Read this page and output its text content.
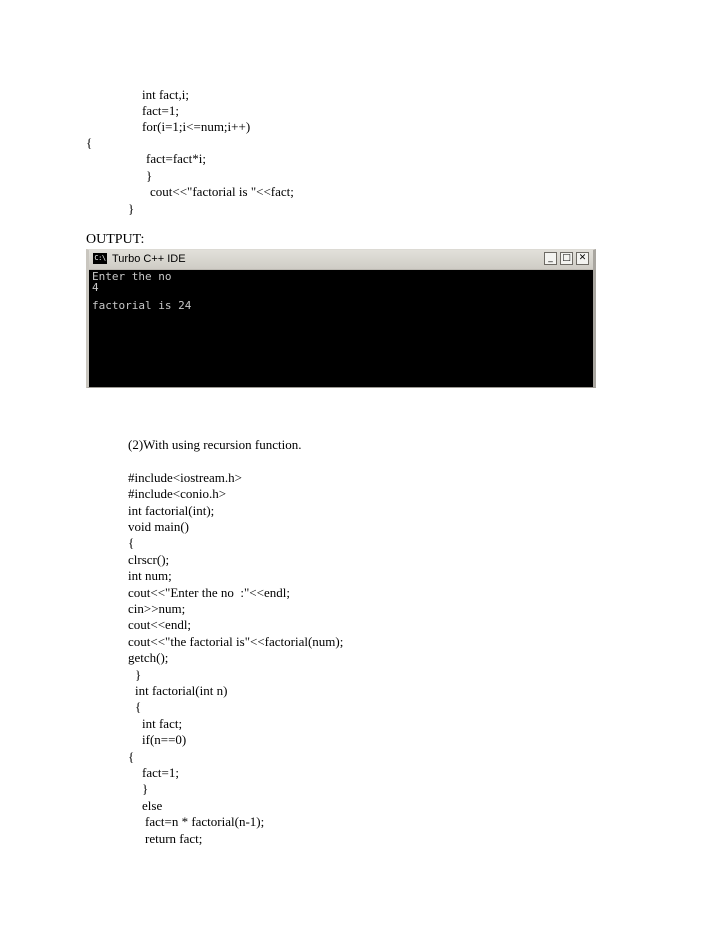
int fact,i;
fact=1;
for(i=1;i<=num;i++)
{
fact=fact*i;
}
cout<<"factorial is "<<fact;
}
OUTPUT:
C:\ Turbo C++ IDE	_	□ ✕
Enter the no
4
factorial is 24
(2)With using recursion function.
#include<iostream.h>
#include<conio.h>
int factorial(int);
void main()
{
clrscr();
int num;
cout<<"Enter the no  :"<<endl;
cin>>num;
cout<<endl;
cout<<"the factorial is"<<factorial(num);
getch();
}
int factorial(int n)
{
int fact;
if(n==0)
{
fact=1;
}
else
fact=n * factorial(n-1);
return fact;
